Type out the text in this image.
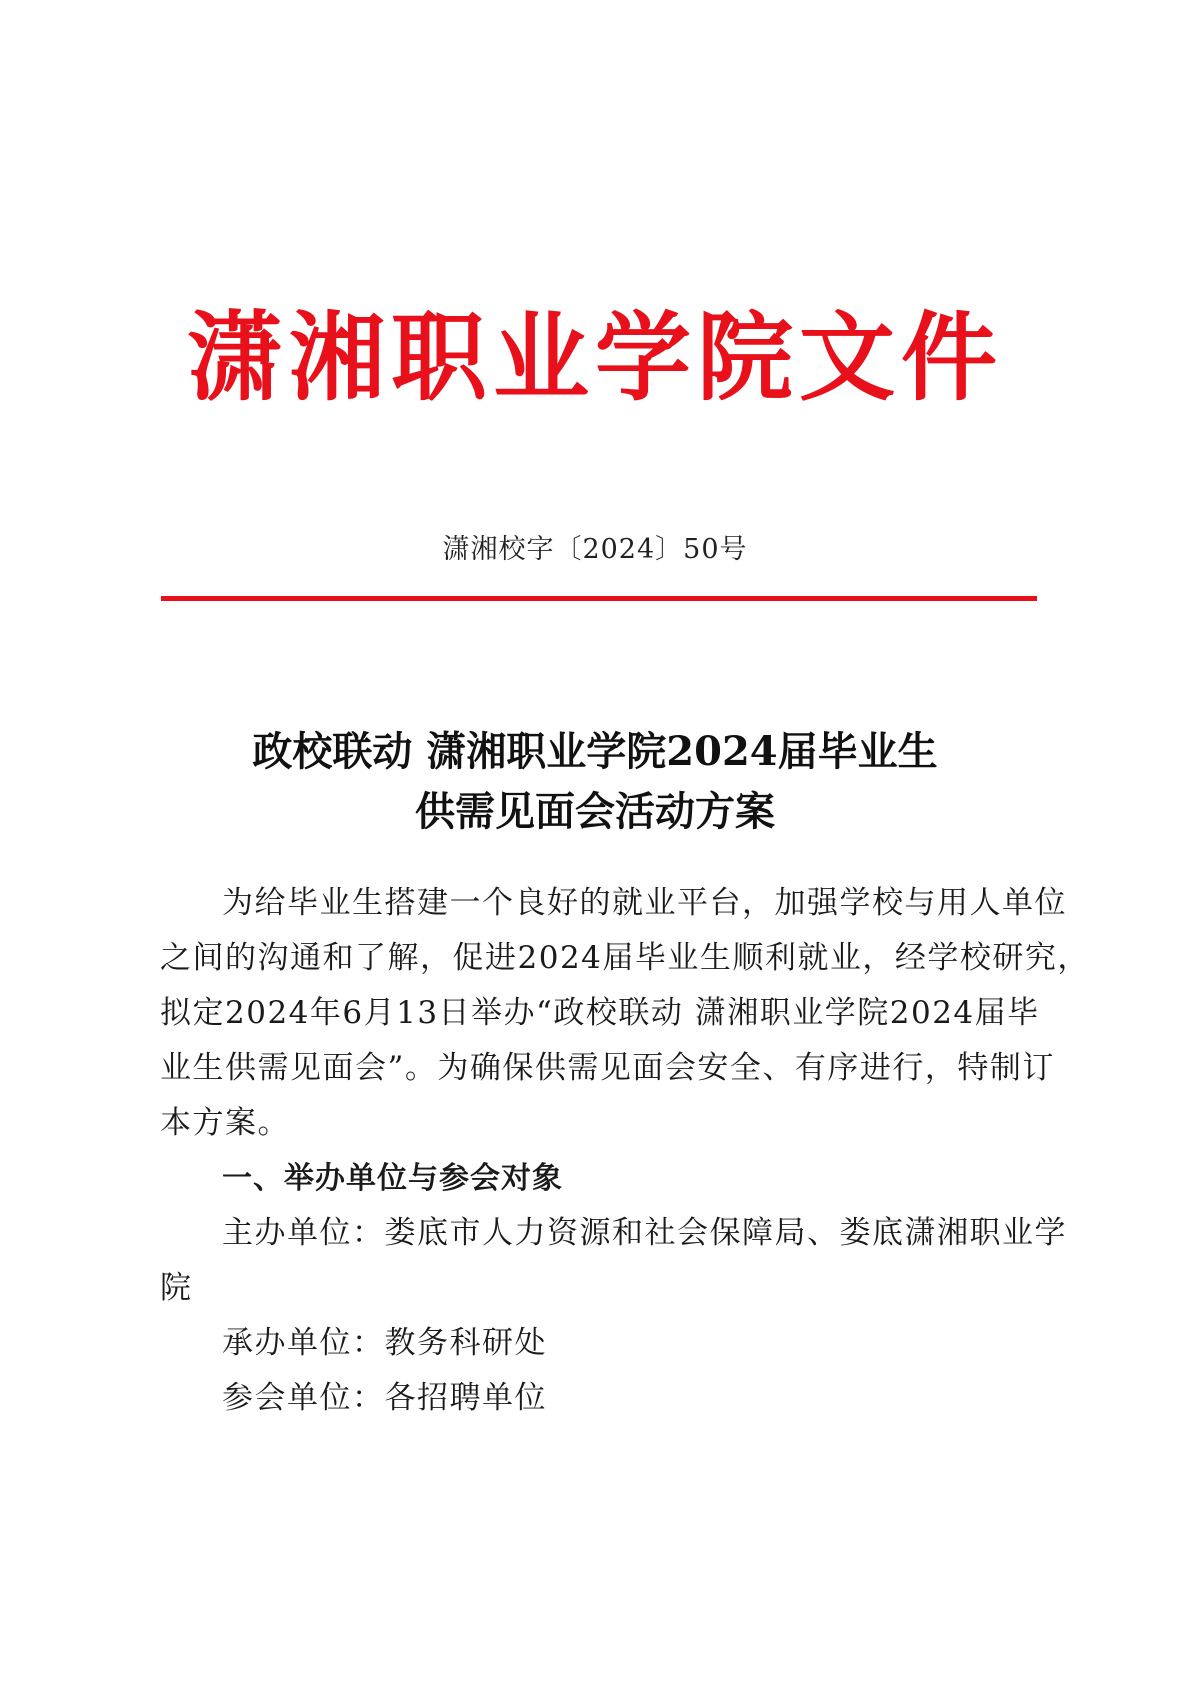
潇湘职业学院文件
潇湘校字〔2024〕50号
政校联动 潇湘职业学院2024届毕业生
供需见面会活动方案
为给毕业生搭建一个良好的就业平台，加强学校与用人单位
之间的沟通和了解，促进2024届毕业生顺利就业，经学校研究，
拟定2024年6月13日举办“政校联动 潇湘职业学院2024届毕
业生供需见面会”。为确保供需见面会安全、有序进行，特制订
本方案。
一、举办单位与参会对象
主办单位：娄底市人力资源和社会保障局、娄底潇湘职业学
院
承办单位：教务科研处
参会单位：各招聘单位
